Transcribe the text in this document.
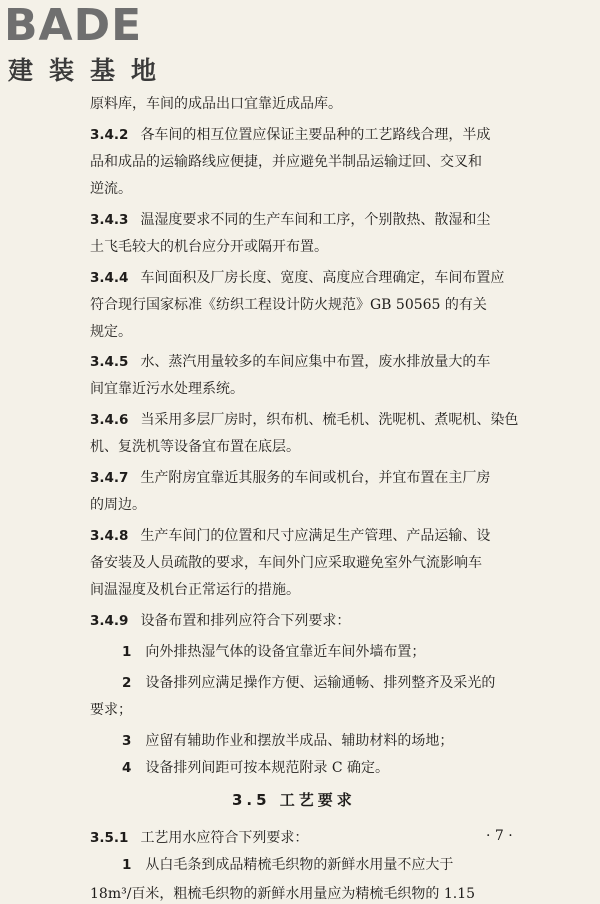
BADE
建装基地
原料库，车间的成品出口宜靠近成品库。
3.4.2 各车间的相互位置应保证主要品种的工艺路线合理，半成
品和成品的运输路线应便捷，并应避免半制品运输迂回、交叉和
逆流。
3.4.3 温湿度要求不同的生产车间和工序，个别散热、散湿和尘
土飞毛较大的机台应分开或隔开布置。
3.4.4 车间面积及厂房长度、宽度、高度应合理确定，车间布置应
符合现行国家标准《纺织工程设计防火规范》GB 50565 的有关
规定。
3.4.5 水、蒸汽用量较多的车间应集中布置，废水排放量大的车
间宜靠近污水处理系统。
3.4.6 当采用多层厂房时，织布机、梳毛机、洗呢机、煮呢机、染色
机、复洗机等设备宜布置在底层。
3.4.7 生产附房宜靠近其服务的车间或机台，并宜布置在主厂房
的周边。
3.4.8 生产车间门的位置和尺寸应满足生产管理、产品运输、设
备安装及人员疏散的要求，车间外门应采取避免室外气流影响车
间温湿度及机台正常运行的措施。
3.4.9 设备布置和排列应符合下列要求：
1 向外排热湿气体的设备宜靠近车间外墙布置；
2 设备排列应满足操作方便、运输通畅、排列整齐及采光的
要求；
3 应留有辅助作业和摆放半成品、辅助材料的场地；
4 设备排列间距可按本规范附录 C 确定。
3.5 工艺要求
3.5.1 工艺用水应符合下列要求：
1 从白毛条到成品精梳毛织物的新鲜水用量不应大于
18m³/百米，粗梳毛织物的新鲜水用量应为精梳毛织物的 1.15
· 7 ·
